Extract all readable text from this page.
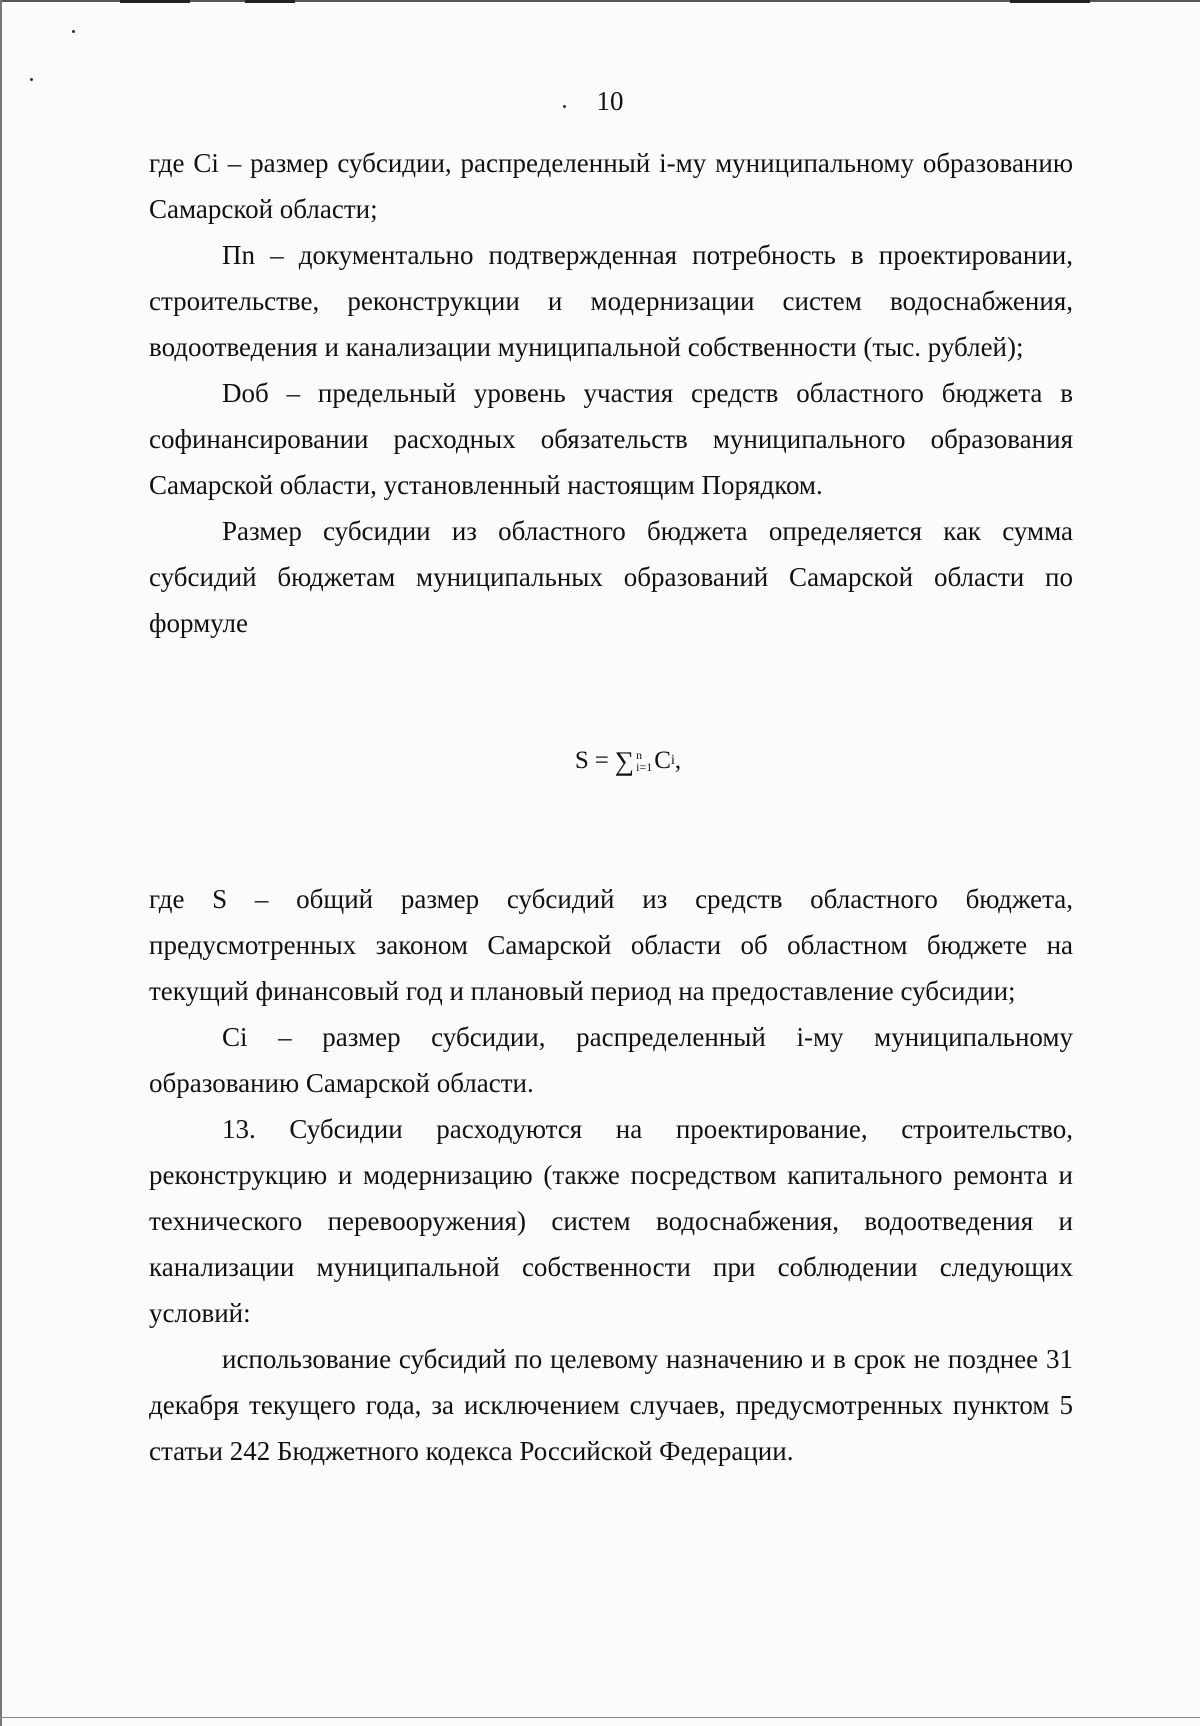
10

где Ci – размер субсидии, распределенный i-му муниципальному образованию Самарской области;

Пn – документально подтвержденная потребность в проектировании, строительстве, реконструкции и модернизации систем водоснабжения, водоотведения и канализации муниципальной собственности (тыс. рублей);

Dоб – предельный уровень участия средств областного бюджета в софинансировании расходных обязательств муниципального образования Самарской области, установленный настоящим Порядком.

Размер субсидии из областного бюджета определяется как сумма субсидий бюджетам муниципальных образований Самарской области по формуле

S = ∑ n
i=1 C i ,

где S – общий размер субсидий из средств областного бюджета, предусмотренных законом Самарской области об областном бюджете на текущий финансовый год и плановый период на предоставление субсидии;

Ci – размер субсидии, распределенный i-му муниципальному образованию Самарской области.

13. Субсидии расходуются на проектирование, строительство, реконструкцию и модернизацию (также посредством капитального ремонта и технического перевооружения) систем водоснабжения, водоотведения и канализации муниципальной собственности при соблюдении следующих условий:

использование субсидий по целевому назначению и в срок не позднее 31 декабря текущего года, за исключением случаев, предусмотренных пунктом 5 статьи 242 Бюджетного кодекса Российской Федерации.
